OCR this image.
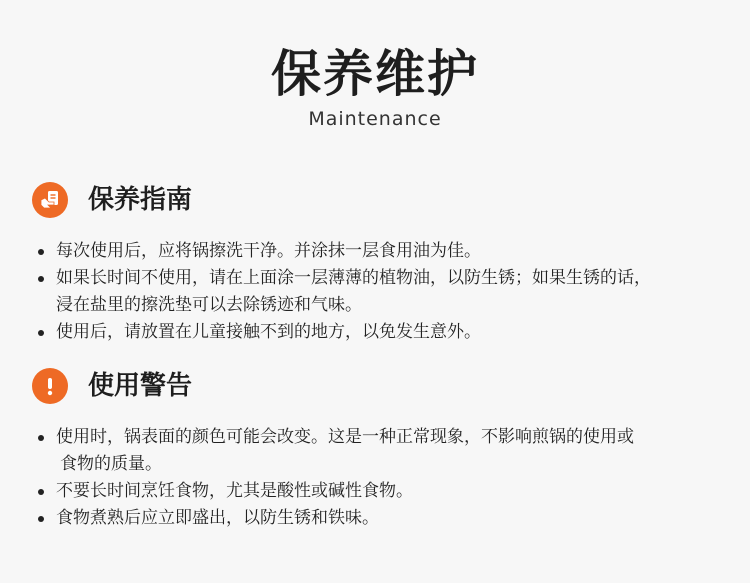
保养维护
Maintenance
保养指南
每次使用后，应将锅擦洗干净。并涂抹一层食用油为佳。
如果长时间不使用，请在上面涂一层薄薄的植物油，以防生锈；如果生锈的话，
浸在盐里的擦洗垫可以去除锈迹和气味。
使用后，请放置在儿童接触不到的地方，以免发生意外。
使用警告
使用时，锅表面的颜色可能会改变。这是一种正常现象，不影响煎锅的使用或
食物的质量。
不要长时间烹饪食物，尤其是酸性或碱性食物。
食物煮熟后应立即盛出，以防生锈和铁味。
